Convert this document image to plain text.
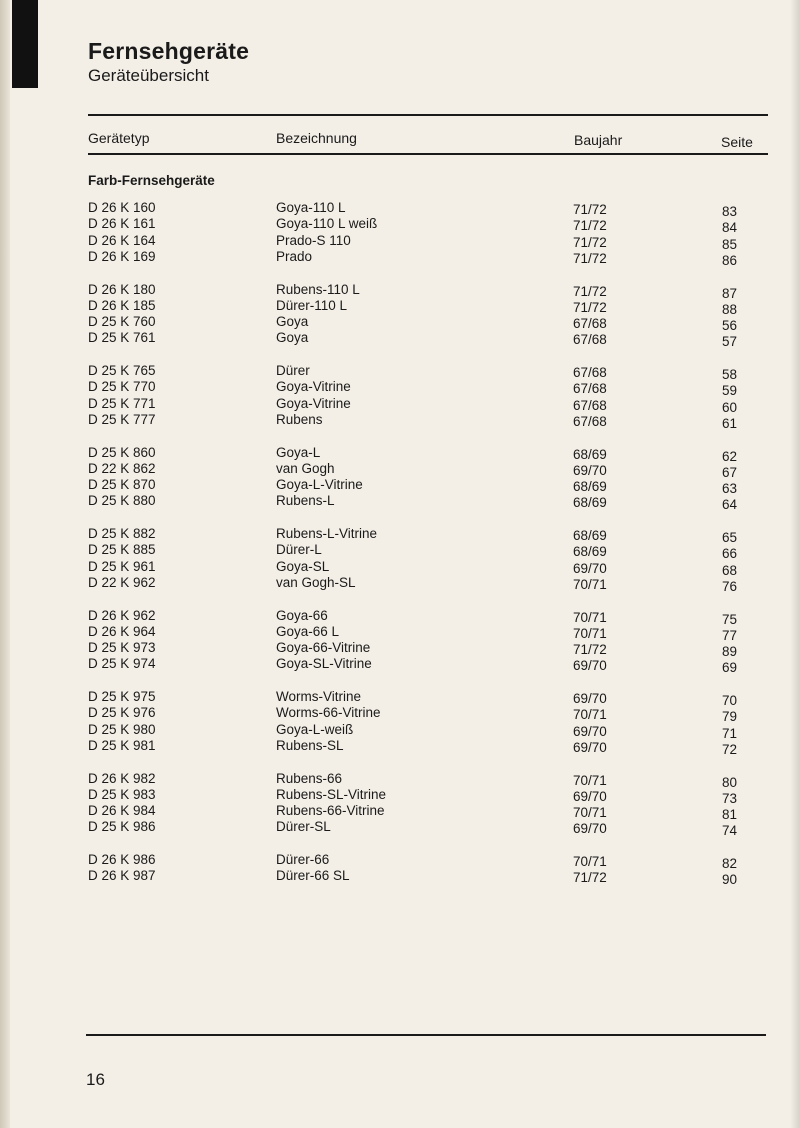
Fernsehgeräte
Geräteübersicht
Gerätetyp	Bezeichnung	Baujahr	Seite
Farb-Fernsehgeräte
D 26 K 160	Goya-110 L	71/72	83
D 26 K 161	Goya-110 L weiß	71/72	84
D 26 K 164	Prado-S 110	71/72	85
D 26 K 169	Prado	71/72	86
D 26 K 180	Rubens-110 L	71/72	87
D 26 K 185	Dürer-110 L	71/72	88
D 25 K 760	Goya	67/68	56
D 25 K 761	Goya	67/68	57
D 25 K 765	Dürer	67/68	58
D 25 K 770	Goya-Vitrine	67/68	59
D 25 K 771	Goya-Vitrine	67/68	60
D 25 K 777	Rubens	67/68	61
D 25 K 860	Goya-L	68/69	62
D 22 K 862	van Gogh	69/70	67
D 25 K 870	Goya-L-Vitrine	68/69	63
D 25 K 880	Rubens-L	68/69	64
D 25 K 882	Rubens-L-Vitrine	68/69	65
D 25 K 885	Dürer-L	68/69	66
D 25 K 961	Goya-SL	69/70	68
D 22 K 962	van Gogh-SL	70/71	76
D 26 K 962	Goya-66	70/71	75
D 26 K 964	Goya-66 L	70/71	77
D 25 K 973	Goya-66-Vitrine	71/72	89
D 25 K 974	Goya-SL-Vitrine	69/70	69
D 25 K 975	Worms-Vitrine	69/70	70
D 25 K 976	Worms-66-Vitrine	70/71	79
D 25 K 980	Goya-L-weiß	69/70	71
D 25 K 981	Rubens-SL	69/70	72
D 26 K 982	Rubens-66	70/71	80
D 25 K 983	Rubens-SL-Vitrine	69/70	73
D 26 K 984	Rubens-66-Vitrine	70/71	81
D 25 K 986	Dürer-SL	69/70	74
D 26 K 986	Dürer-66	70/71	82
D 26 K 987	Dürer-66 SL	71/72	90
16
